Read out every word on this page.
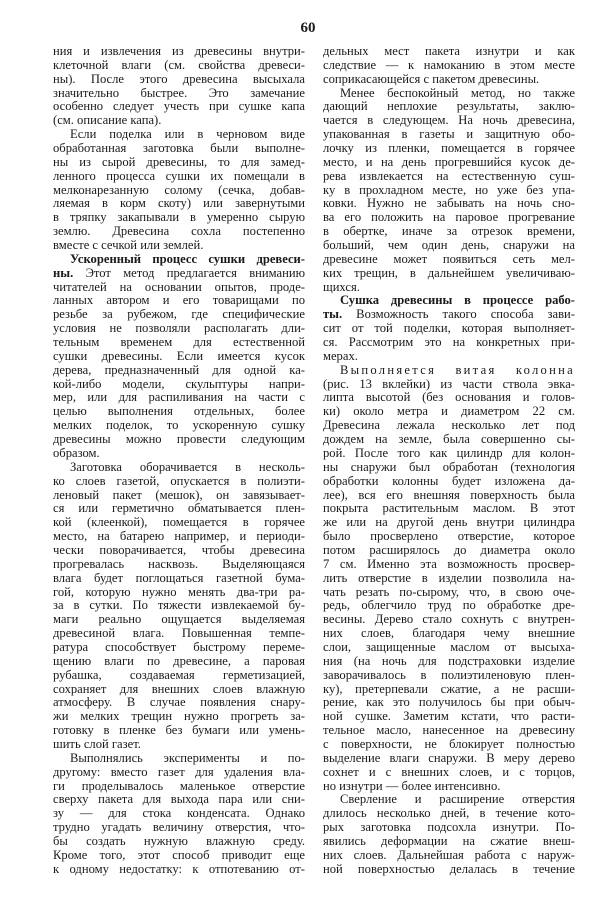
60
ния и извлечения из древесины внутри-
клеточной влаги (см. свойства древеси-
ны). После этого древесина высыхала
значительно быстрее. Это замечание
особенно следует учесть при сушке капа
(см. описание капа).
Если поделка или в черновом виде
обработанная заготовка были выполне-
ны из сырой древесины, то для замед-
ленного процесса сушки их помещали в
мелконарезанную солому (сечка, добав-
ляемая в корм скоту) или завернутыми
в тряпку закапывали в умеренно сырую
землю. Древесина сохла постепенно
вместе с сечкой или землей.
Ускоренный процесс сушки древеси-
ны. Этот метод предлагается вниманию
читателей на основании опытов, проде-
ланных автором и его товарищами по
резьбе за рубежом, где специфические
условия не позволяли располагать дли-
тельным временем для естественной
сушки древесины. Если имеется кусок
дерева, предназначенный для одной ка-
кой-либо модели, скульптуры напри-
мер, или для распиливания на части с
целью выполнения отдельных, более
мелких поделок, то ускоренную сушку
древесины можно провести следующим
образом.
Заготовка оборачивается в несколь-
ко слоев газетой, опускается в полиэти-
леновый пакет (мешок), он завязывает-
ся или герметично обматывается плен-
кой (клеенкой), помещается в горячее
место, на батарею например, и периоди-
чески поворачивается, чтобы древесина
прогревалась насквозь. Выделяющаяся
влага будет поглощаться газетной бума-
гой, которую нужно менять два-три ра-
за в сутки. По тяжести извлекаемой бу-
маги реально ощущается выделяемая
древесиной влага. Повышенная темпе-
ратура способствует быстрому переме-
щению влаги по древесине, а паровая
рубашка, создаваемая герметизацией,
сохраняет для внешних слоев влажную
атмосферу. В случае появления снару-
жи мелких трещин нужно прогреть за-
готовку в пленке без бумаги или умень-
шить слой газет.
Выполнялись эксперименты и по-
другому: вместо газет для удаления вла-
ги проделывалось маленькое отверстие
сверху пакета для выхода пара или сни-
зу — для стока конденсата. Однако
трудно угадать величину отверстия, что-
бы создать нужную влажную среду.
Кроме того, этот способ приводит еще
к одному недостатку: к отпотеванию от-
дельных мест пакета изнутри и как
следствие — к намоканию в этом месте
соприкасающейся с пакетом древесины.
Менее беспокойный метод, но также
дающий неплохие результаты, заклю-
чается в следующем. На ночь древесина,
упакованная в газеты и защитную обо-
лочку из пленки, помещается в горячее
место, и на день прогревшийся кусок де-
рева извлекается на естественную суш-
ку в прохладном месте, но уже без упа-
ковки. Нужно не забывать на ночь сно-
ва его положить на паровое прогревание
в обертке, иначе за отрезок времени,
больший, чем один день, снаружи на
древесине может появиться сеть мел-
ких трещин, в дальнейшем увеличиваю-
щихся.
Сушка древесины в процессе рабо-
ты. Возможность такого способа зави-
сит от той поделки, которая выполняет-
ся. Рассмотрим это на конкретных при-
мерах.
Выполняется витая колонна
(рис. 13 вклейки) из части ствола эвка-
липта высотой (без основания и голов-
ки) около метра и диаметром 22 см.
Древесина лежала несколько лет под
дождем на земле, была совершенно сы-
рой. После того как цилиндр для колон-
ны снаружи был обработан (технология
обработки колонны будет изложена да-
лее), вся его внешняя поверхность была
покрыта растительным маслом. В этот
же или на другой день внутри цилиндра
было просверлено отверстие, которое
потом расширялось до диаметра около
7 см. Именно эта возможность просвер-
лить отверстие в изделии позволила на-
чать резать по-сырому, что, в свою оче-
редь, облегчило труд по обработке дре-
весины. Дерево стало сохнуть с внутрен-
них слоев, благодаря чему внешние
слои, защищенные маслом от высыха-
ния (на ночь для подстраховки изделие
заворачивалось в полиэтиленовую плен-
ку), претерпевали сжатие, а не расши-
рение, как это получилось бы при обыч-
ной сушке. Заметим кстати, что расти-
тельное масло, нанесенное на древесину
с поверхности, не блокирует полностью
выделение влаги снаружи. В меру дерево
сохнет и с внешних слоев, и с торцов,
но изнутри — более интенсивно.
Сверление и расширение отверстия
длилось несколько дней, в течение кото-
рых заготовка подсохла изнутри. По-
явились деформации на сжатие внеш-
них слоев. Дальнейшая работа с наруж-
ной поверхностью делалась в течение
